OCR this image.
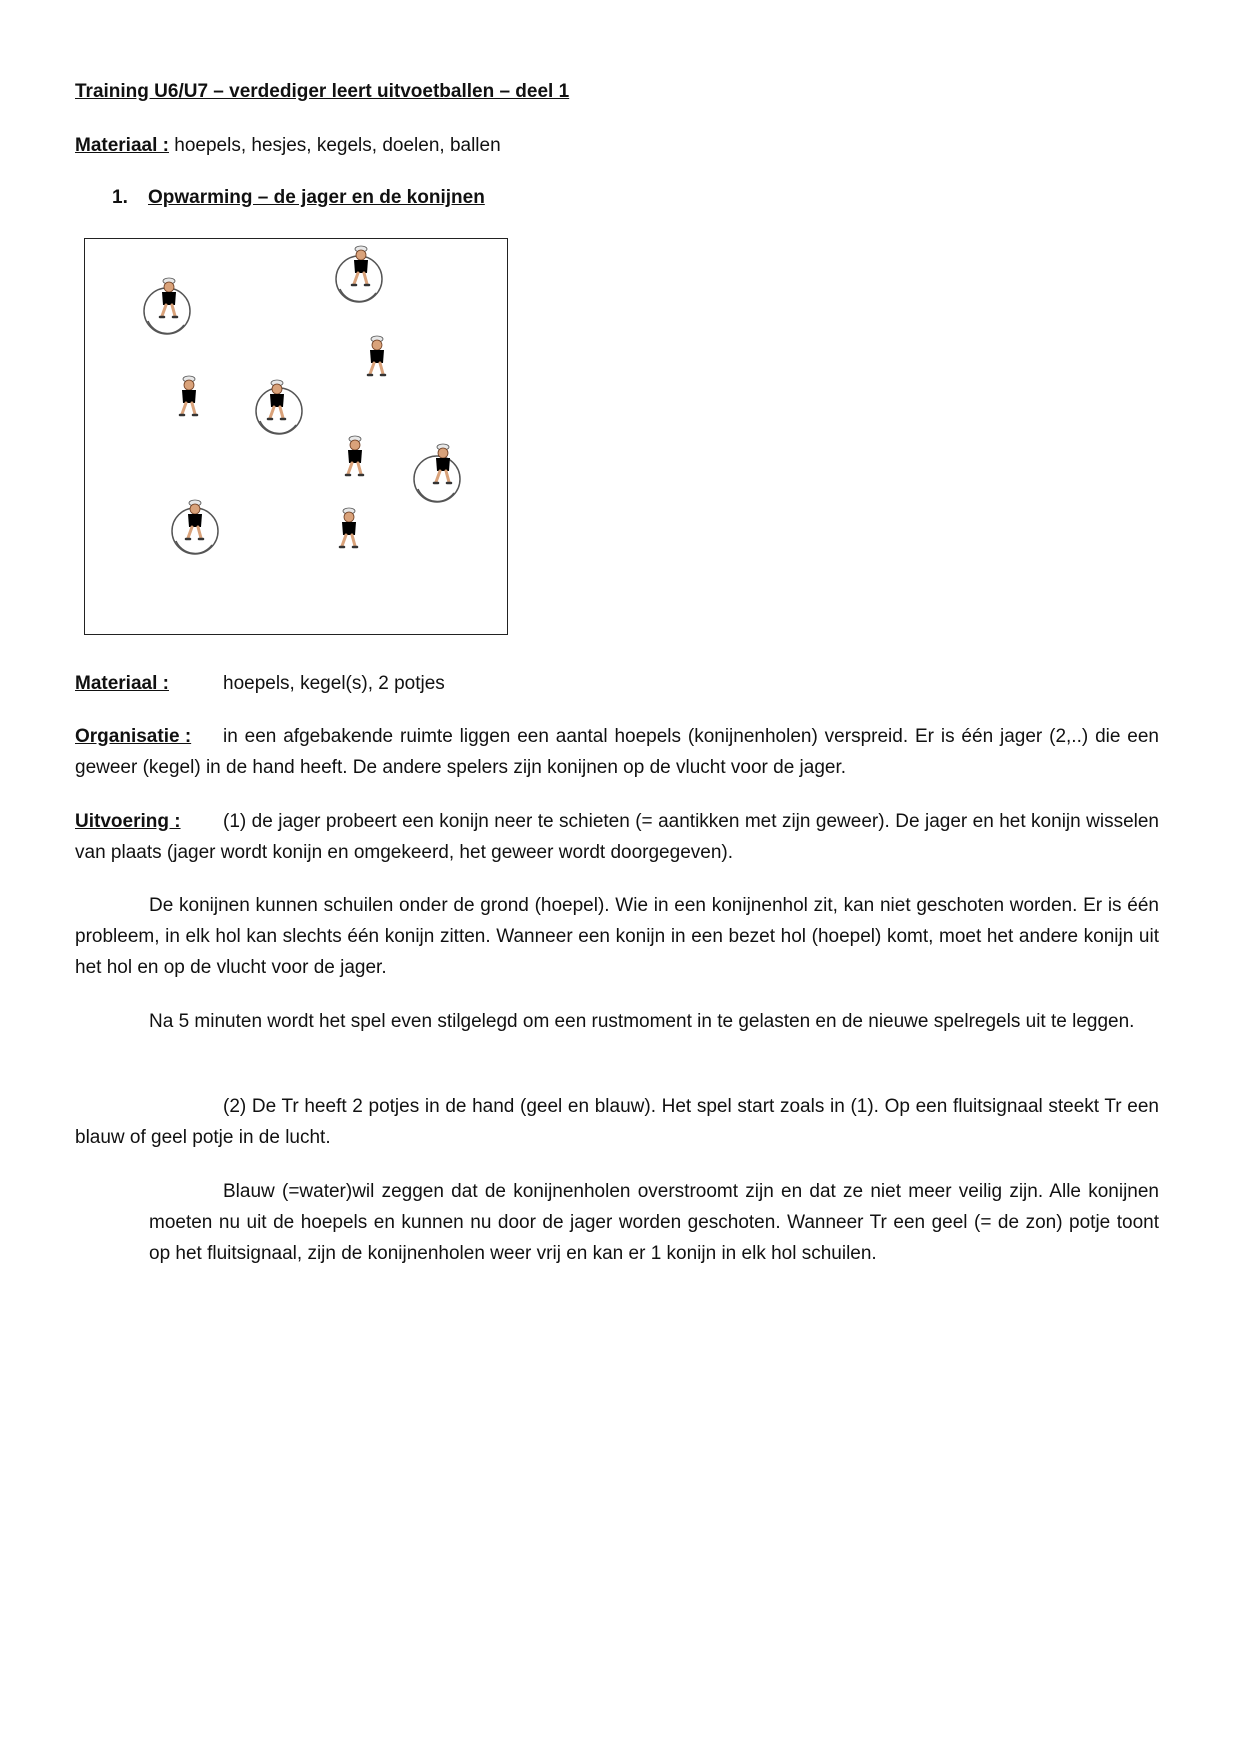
Training U6/U7 – verdediger leert uitvoetballen – deel 1
Materiaal : hoepels, hesjes, kegels, doelen, ballen
1. Opwarming – de jager en de konijnen
Materiaal :	hoepels, kegel(s), 2 potjes
Organisatie : in een afgebakende ruimte liggen een aantal hoepels (konijnenholen) verspreid. Er is één jager (2,..) die een geweer (kegel) in de hand heeft. De andere spelers zijn konijnen op de vlucht voor de jager.
Uitvoering : (1) de jager probeert een konijn neer te schieten (= aantikken met zijn geweer). De jager en het konijn wisselen van plaats (jager wordt konijn en omgekeerd, het geweer wordt doorgegeven).
De konijnen kunnen schuilen onder de grond (hoepel). Wie in een konijnenhol zit, kan niet geschoten worden. Er is één probleem, in elk hol kan slechts één konijn zitten. Wanneer een konijn in een bezet hol (hoepel) komt, moet het andere konijn uit het hol en op de vlucht voor de jager.
Na 5 minuten wordt het spel even stilgelegd om een rustmoment in te gelasten en de nieuwe spelregels uit te leggen.
(2) De Tr heeft 2 potjes in de hand (geel en blauw). Het spel start zoals in (1). Op een fluitsignaal steekt Tr een blauw of geel potje in de lucht.
Blauw (=water)wil zeggen dat de konijnenholen overstroomt zijn en dat ze niet meer veilig zijn. Alle konijnen moeten nu uit de hoepels en kunnen nu door de jager worden geschoten. Wanneer Tr een geel (= de zon) potje toont op het fluitsignaal, zijn de konijnenholen weer vrij en kan er 1 konijn in elk hol schuilen.
